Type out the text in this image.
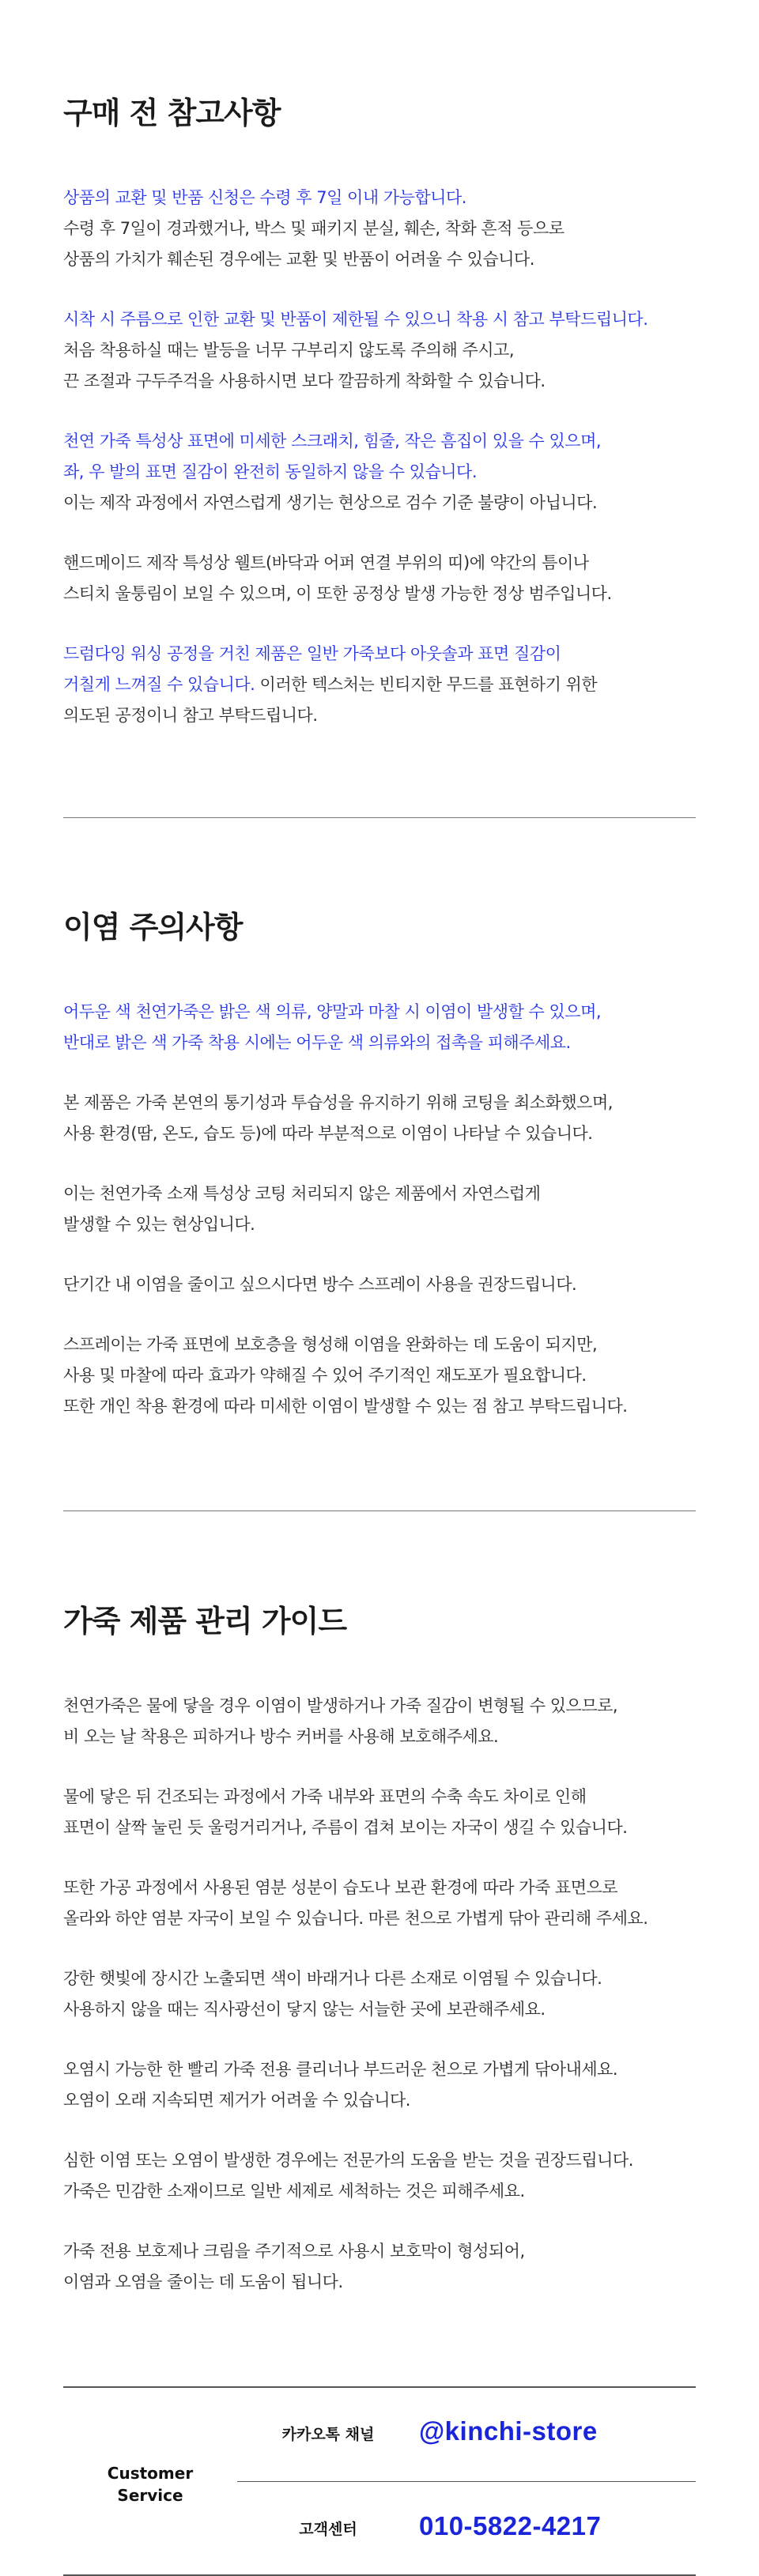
구매 전 참고사항

상품의 교환 및 반품 신청은 수령 후 7일 이내 가능합니다.
수령 후 7일이 경과했거나, 박스 및 패키지 분실, 훼손, 착화 흔적 등으로
상품의 가치가 훼손된 경우에는 교환 및 반품이 어려울 수 있습니다.

시착 시 주름으로 인한 교환 및 반품이 제한될 수 있으니 착용 시 참고 부탁드립니다.
처음 착용하실 때는 발등을 너무 구부리지 않도록 주의해 주시고,
끈 조절과 구두주걱을 사용하시면 보다 깔끔하게 착화할 수 있습니다.

천연 가죽 특성상 표면에 미세한 스크래치, 힘줄, 작은 흠집이 있을 수 있으며,
좌, 우 발의 표면 질감이 완전히 동일하지 않을 수 있습니다.
이는 제작 과정에서 자연스럽게 생기는 현상으로 검수 기준 불량이 아닙니다.

핸드메이드 제작 특성상 웰트(바닥과 어퍼 연결 부위의 띠)에 약간의 틈이나
스티치 울퉁림이 보일 수 있으며, 이 또한 공정상 발생 가능한 정상 범주입니다.

드럼다잉 워싱 공정을 거친 제품은 일반 가죽보다 아웃솔과 표면 질감이
거칠게 느껴질 수 있습니다. 이러한 텍스처는 빈티지한 무드를 표현하기 위한
의도된 공정이니 참고 부탁드립니다.

이염 주의사항

어두운 색 천연가죽은 밝은 색 의류, 양말과 마찰 시 이염이 발생할 수 있으며,
반대로 밝은 색 가죽 착용 시에는 어두운 색 의류와의 접촉을 피해주세요.

본 제품은 가죽 본연의 통기성과 투습성을 유지하기 위해 코팅을 최소화했으며,
사용 환경(땀, 온도, 습도 등)에 따라 부분적으로 이염이 나타날 수 있습니다.

이는 천연가죽 소재 특성상 코팅 처리되지 않은 제품에서 자연스럽게
발생할 수 있는 현상입니다.

단기간 내 이염을 줄이고 싶으시다면 방수 스프레이 사용을 권장드립니다.

스프레이는 가죽 표면에 보호층을 형성해 이염을 완화하는 데 도움이 되지만,
사용 및 마찰에 따라 효과가 약해질 수 있어 주기적인 재도포가 필요합니다.
또한 개인 착용 환경에 따라 미세한 이염이 발생할 수 있는 점 참고 부탁드립니다.

가죽 제품 관리 가이드

천연가죽은 물에 닿을 경우 이염이 발생하거나 가죽 질감이 변형될 수 있으므로,
비 오는 날 착용은 피하거나 방수 커버를 사용해 보호해주세요.

물에 닿은 뒤 건조되는 과정에서 가죽 내부와 표면의 수축 속도 차이로 인해
표면이 살짝 눌린 듯 울렁거리거나, 주름이 겹쳐 보이는 자국이 생길 수 있습니다.

또한 가공 과정에서 사용된 염분 성분이 습도나 보관 환경에 따라 가죽 표면으로
올라와 하얀 염분 자국이 보일 수 있습니다. 마른 천으로 가볍게 닦아 관리해 주세요.

강한 햇빛에 장시간 노출되면 색이 바래거나 다른 소재로 이염될 수 있습니다.
사용하지 않을 때는 직사광선이 닿지 않는 서늘한 곳에 보관해주세요.

오염시 가능한 한 빨리 가죽 전용 클리너나 부드러운 천으로 가볍게 닦아내세요.
오염이 오래 지속되면 제거가 어려울 수 있습니다.

심한 이염 또는 오염이 발생한 경우에는 전문가의 도움을 받는 것을 권장드립니다.
가죽은 민감한 소재이므로 일반 세제로 세척하는 것은 피해주세요.

가죽 전용 보호제나 크림을 주기적으로 사용시 보호막이 형성되어,
이염과 오염을 줄이는 데 도움이 됩니다.

Customer
Service
카카오톡 채널	@kinchi-store
고객센터	010-5822-4217
